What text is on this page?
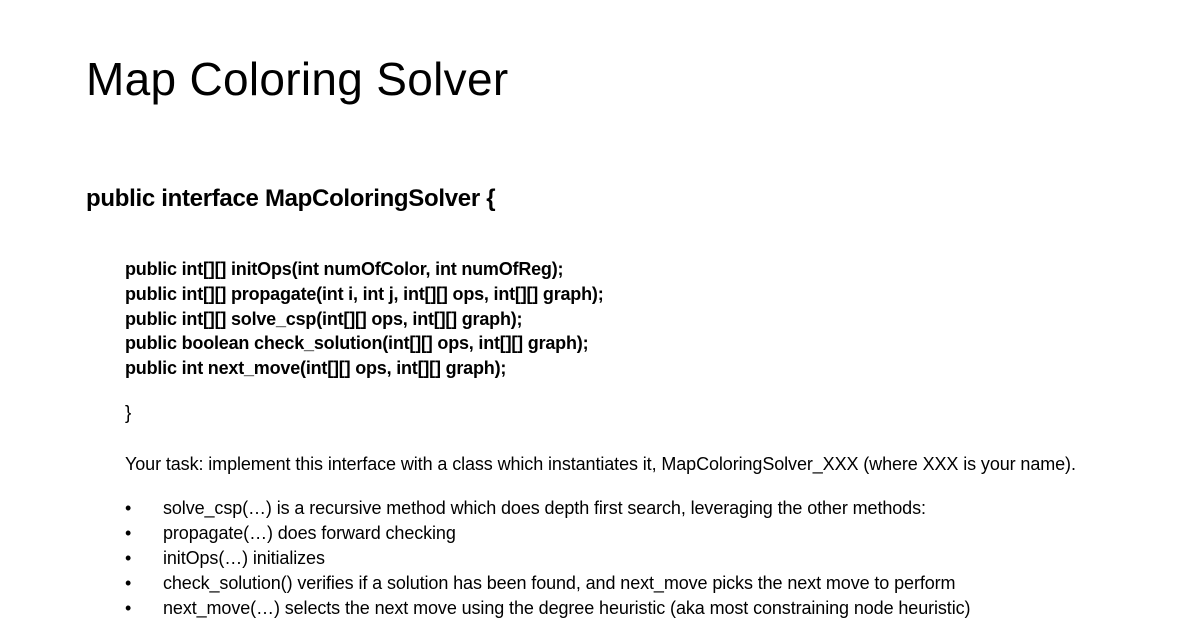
Map Coloring Solver
public interface MapColoringSolver {
public int[][] initOps(int numOfColor, int numOfReg);
public int[][] propagate(int i, int j, int[][] ops, int[][] graph);
public int[][] solve_csp(int[][] ops, int[][] graph);
public boolean check_solution(int[][] ops, int[][] graph);
public int next_move(int[][] ops, int[][] graph);
}
Your task: implement this interface with a class which instantiates it, MapColoringSolver_XXX (where XXX is your name).
• solve_csp(…) is a recursive method which does depth first search, leveraging the other methods:
• propagate(…) does forward checking
• initOps(…) initializes
• check_solution() verifies if a solution has been found, and next_move picks the next move to perform
• next_move(…) selects the next move using the degree heuristic (aka most constraining node heuristic)
